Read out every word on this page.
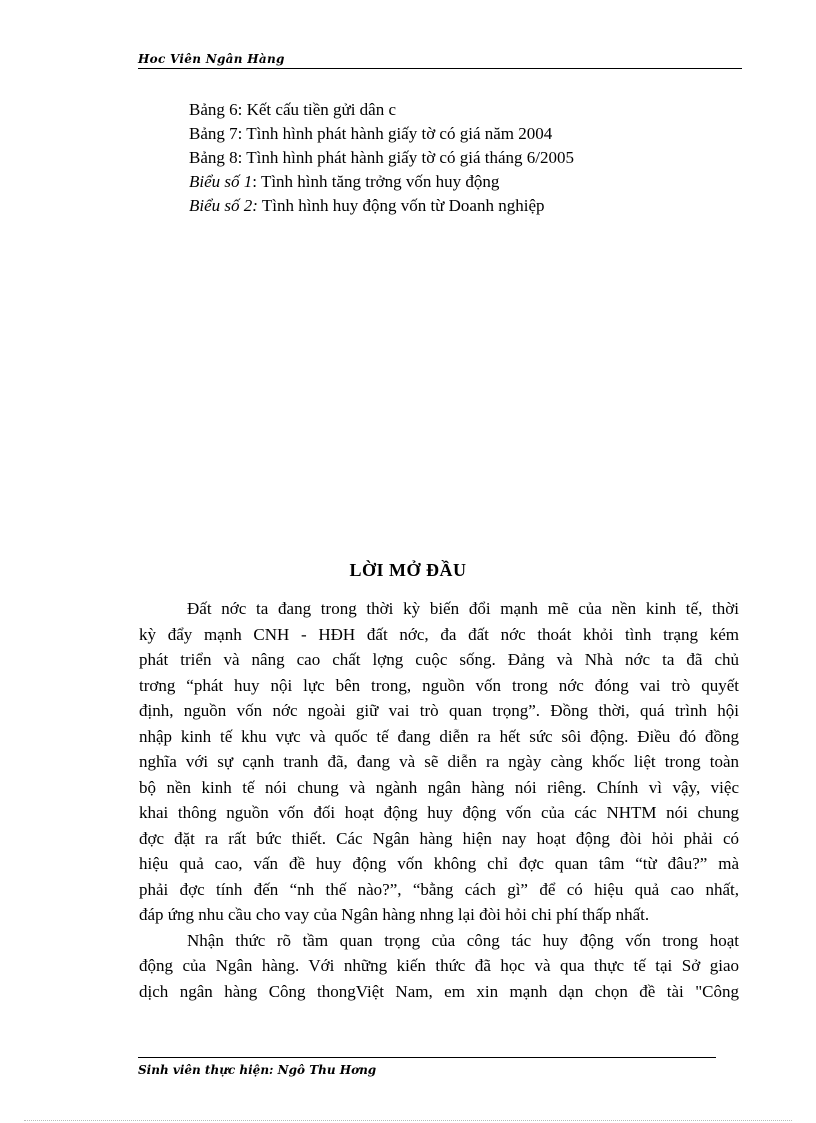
Hoc Viên Ngân Hàng
Bảng 6: Kết cấu tiền gửi dân c
Bảng 7: Tình hình phát hành giấy tờ có giá năm 2004
Bảng 8: Tình hình phát hành giấy tờ có giá tháng 6/2005
Biểu số 1: Tình hình tăng trởng vốn huy động
Biểu số 2: Tình hình huy động vốn từ Doanh nghiệp
LỜI MỞ ĐẦU

Đất nớc ta đang trong thời kỳ biến đổi mạnh mẽ của nền kinh tế, thời
kỳ đẩy mạnh CNH - HĐH đất nớc, đa đất nớc thoát khỏi tình trạng kém
phát triển và nâng cao chất lợng cuộc sống. Đảng và Nhà nớc ta đã chủ
trơng “phát huy nội lực bên trong, nguồn vốn trong nớc đóng vai trò quyết
định, nguồn vốn nớc ngoài giữ vai trò quan trọng”. Đồng thời, quá trình hội
nhập kinh tế khu vực và quốc tế đang diễn ra hết sức sôi động. Điều đó đồng
nghĩa với sự cạnh tranh đã, đang và sẽ diễn ra ngày càng khốc liệt trong toàn
bộ nền kinh tế nói chung và ngành ngân hàng nói riêng. Chính vì vậy, việc
khai thông nguồn vốn đối hoạt động huy động vốn của các NHTM nói chung
đợc đặt ra rất bức thiết. Các Ngân hàng hiện nay hoạt động đòi hỏi phải có
hiệu quả cao, vấn đề huy động vốn không chỉ đợc quan tâm “từ đâu?” mà
phải đợc tính đến “nh thế nào?”, “bằng cách gì” để có hiệu quả cao nhất,
đáp ứng nhu cầu cho vay của Ngân hàng nhng lại đòi hỏi chi phí thấp nhất.

Nhận thức rõ tầm quan trọng của công tác huy động vốn trong hoạt
động của Ngân hàng. Với những kiến thức đã học và qua thực tế tại Sở giao
dịch ngân hàng Công thongViệt Nam, em xin mạnh dạn chọn đề tài "Công

Sinh viên thực hiện: Ngô Thu Hơng
